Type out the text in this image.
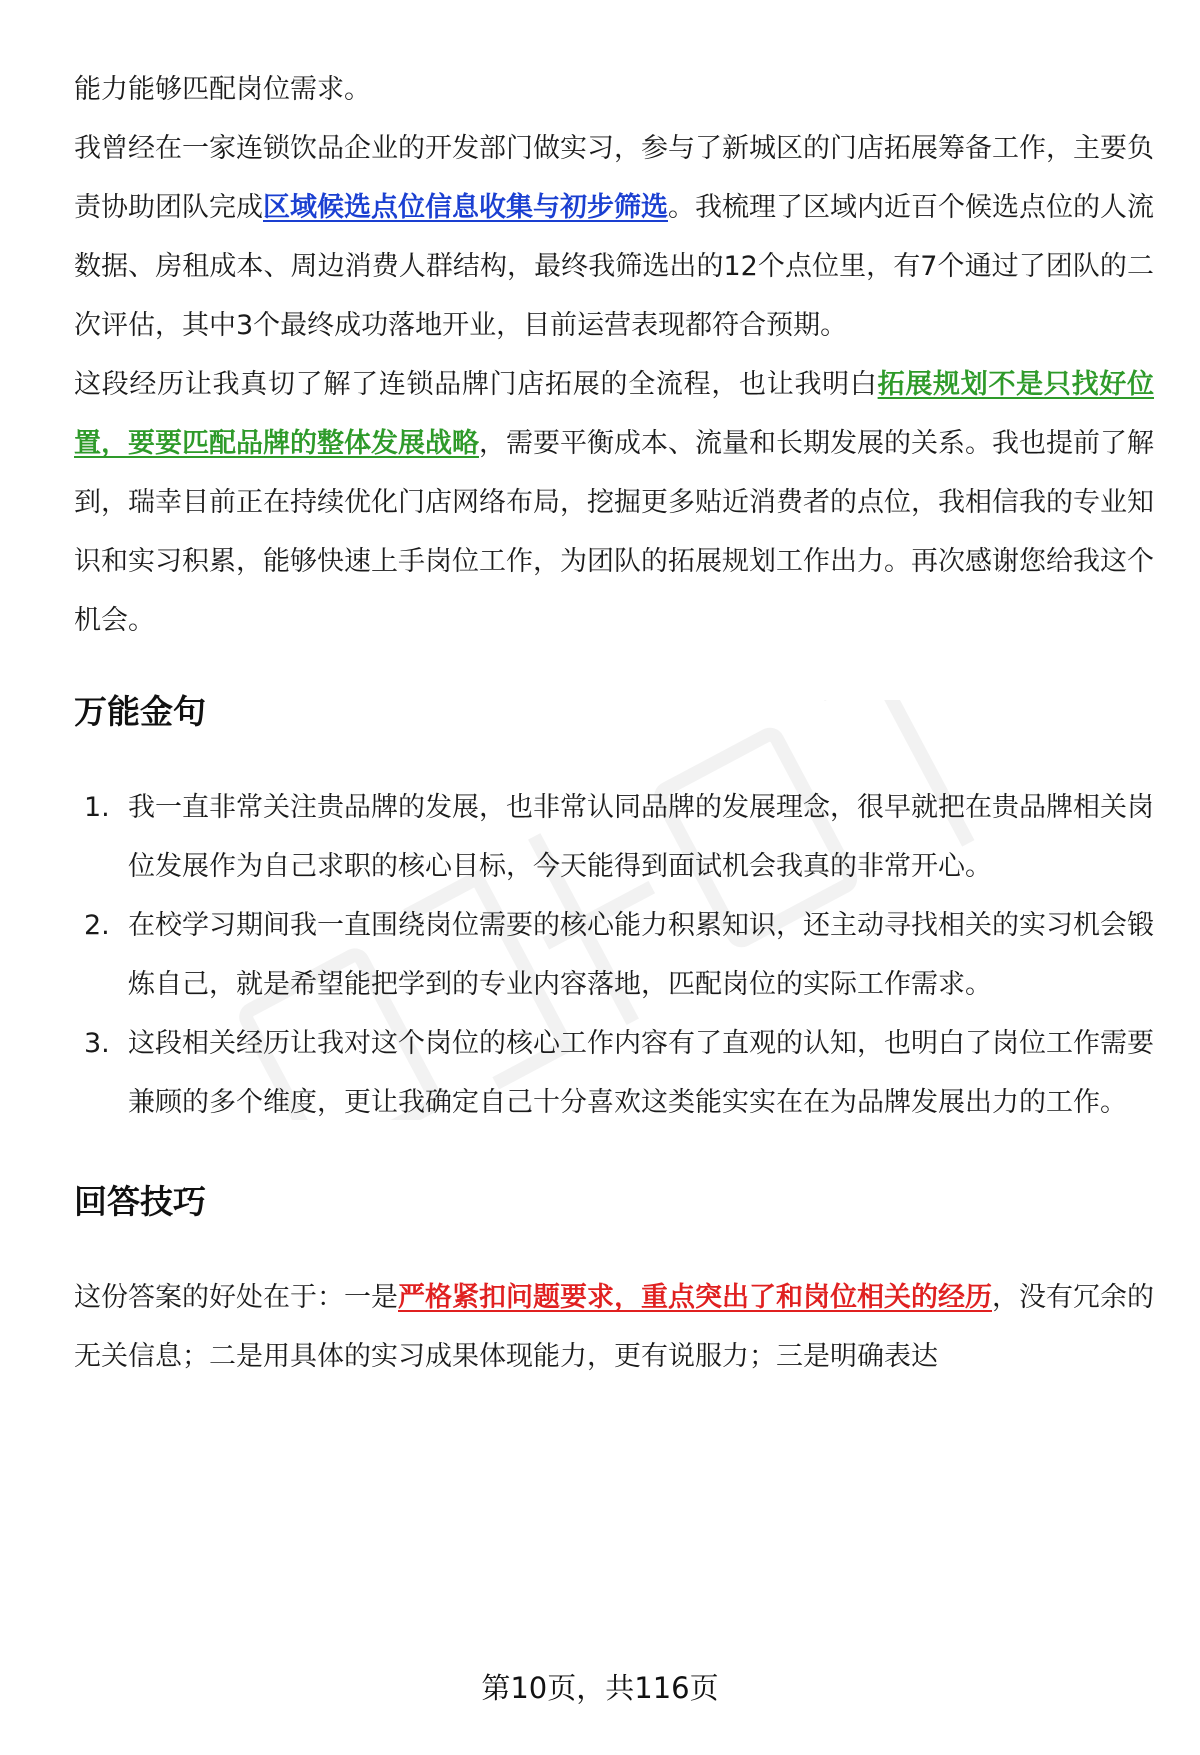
能力能够匹配岗位需求。

我曾经在一家连锁饮品企业的开发部门做实习，参与了新城区的门店拓展筹备工作，主要负责协助团队完成区域候选点位信息收集与初步筛选。我梳理了区域内近百个候选点位的人流数据、房租成本、周边消费人群结构，最终我筛选出的12个点位里，有7个通过了团队的二次评估，其中3个最终成功落地开业，目前运营表现都符合预期。

这段经历让我真切了解了连锁品牌门店拓展的全流程，也让我明白拓展规划不是只找好位置，要要匹配品牌的整体发展战略，需要平衡成本、流量和长期发展的关系。我也提前了解到，瑞幸目前正在持续优化门店网络布局，挖掘更多贴近消费者的点位，我相信我的专业知识和实习积累，能够快速上手岗位工作，为团队的拓展规划工作出力。再次感谢您给我这个机会。

万能金句
1. 我一直非常关注贵品牌的发展，也非常认同品牌的发展理念，很早就把在贵品牌相关岗位发展作为自己求职的核心目标，今天能得到面试机会我真的非常开心。
2. 在校学习期间我一直围绕岗位需要的核心能力积累知识，还主动寻找相关的实习机会锻炼自己，就是希望能把学到的专业内容落地，匹配岗位的实际工作需求。
3. 这段相关经历让我对这个岗位的核心工作内容有了直观的认知，也明白了岗位工作需要兼顾的多个维度，更让我确定自己十分喜欢这类能实实在在为品牌发展出力的工作。
回答技巧

这份答案的好处在于：一是严格紧扣问题要求，重点突出了和岗位相关的经历，没有冗余的无关信息；二是用具体的实习成果体现能力，更有说服力；三是明确表达

第10页，共116页
